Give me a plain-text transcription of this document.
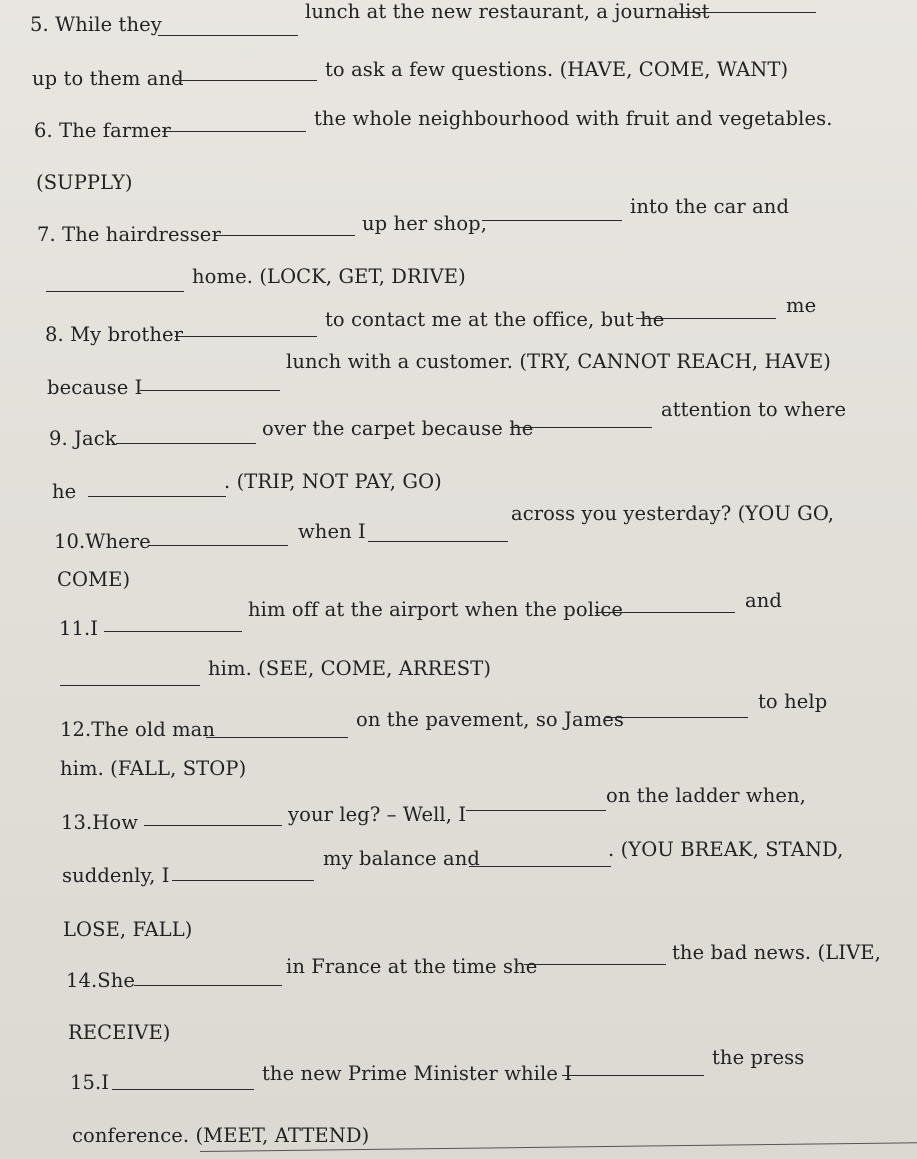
5. While they
lunch at the new restaurant, a journalist
up to them and	to ask a few questions. (HAVE, COME, WANT)
6. The farmer
the whole neighbourhood with fruit and vegetables.
(SUPPLY)
7. The hairdresser	up her shop,
into the car and
home. (LOCK, GET, DRIVE)
8. My brother
to contact me at the office, but he
me
because I
lunch with a customer. (TRY, CANNOT REACH, HAVE)
9. Jack	over the carpet because he
attention to where
he	. (TRIP, NOT PAY, GO)
10.Where	when I
across you yesterday? (YOU GO,
COME)
11.I
him off at the airport when the police	and
him. (SEE, COME, ARREST)
12.The old man	on the pavement, so James
to help
him. (FALL, STOP)
13.How	your leg? – Well, I
on the ladder when,
suddenly, I
my balance and	. (YOU BREAK, STAND,
LOSE, FALL)
14.She
in France at the time she
the bad news. (LIVE,
RECEIVE)
15.I	the new Prime Minister while I
the press
conference. (MEET, ATTEND)
